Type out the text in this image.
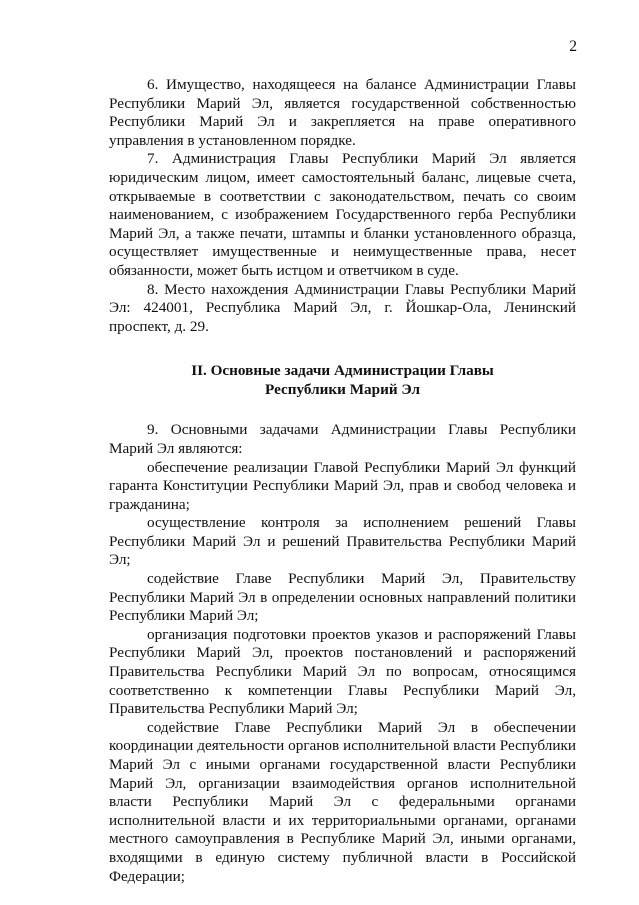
2

6. Имущество, находящееся на балансе Администрации Главы Республики Марий Эл, является государственной собственностью Республики Марий Эл и закрепляется на праве оперативного управления в установленном порядке.

7. Администрация Главы Республики Марий Эл является юридическим лицом, имеет самостоятельный баланс, лицевые счета, открываемые в соответствии с законодательством, печать со своим наименованием, с изображением Государственного герба Республики Марий Эл, а также печати, штампы и бланки установленного образца, осуществляет имущественные и неимущественные права, несет обязанности, может быть истцом и ответчиком в суде.

8. Место нахождения Администрации Главы Республики Марий Эл: 424001, Республика Марий Эл, г. Йошкар-Ола, Ленинский проспект, д. 29.

II. Основные задачи Администрации Главы
Республики Марий Эл

9. Основными задачами Администрации Главы Республики Марий Эл являются:

обеспечение реализации Главой Республики Марий Эл функций гаранта Конституции Республики Марий Эл, прав и свобод человека и гражданина;

осуществление контроля за исполнением решений Главы Республики Марий Эл и решений Правительства Республики Марий Эл;

содействие Главе Республики Марий Эл, Правительству Республики Марий Эл в определении основных направлений политики Республики Марий Эл;

организация подготовки проектов указов и распоряжений Главы Республики Марий Эл, проектов постановлений и распоряжений Правительства Республики Марий Эл по вопросам, относящимся соответственно к компетенции Главы Республики Марий Эл, Правительства Республики Марий Эл;

содействие Главе Республики Марий Эл в обеспечении координации деятельности органов исполнительной власти Республики Марий Эл с иными органами государственной власти Республики Марий Эл, организации взаимодействия органов исполнительной власти Республики Марий Эл с федеральными органами исполнительной власти и их территориальными органами, органами местного самоуправления в Республике Марий Эл, иными органами, входящими в единую систему публичной власти в Российской Федерации;
